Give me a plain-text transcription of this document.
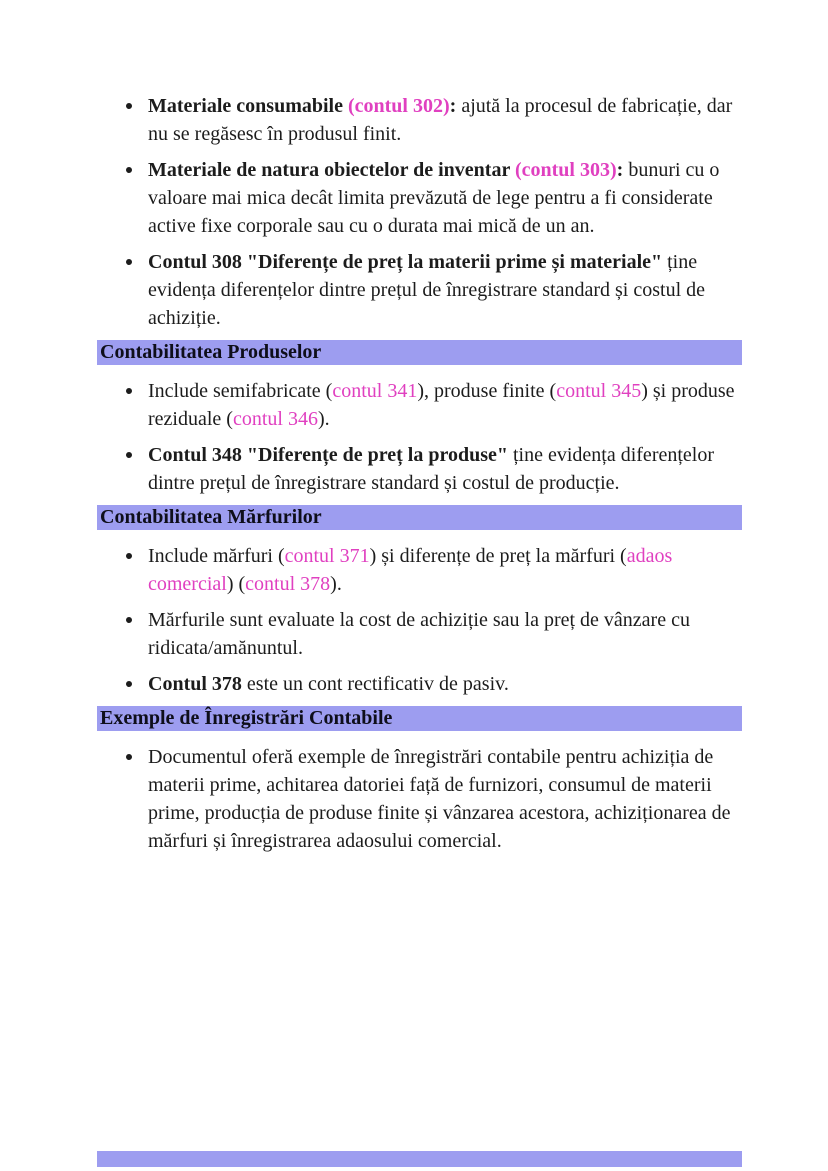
Materiale consumabile (contul 302): ajută la procesul de fabricație, dar nu se regăsesc în produsul finit.
Materiale de natura obiectelor de inventar (contul 303): bunuri cu o valoare mai mica decât limita prevăzută de lege pentru a fi considerate active fixe corporale sau cu o durata mai mică de un an.
Contul 308 "Diferențe de preț la materii prime și materiale" ține evidența diferențelor dintre prețul de înregistrare standard și costul de achiziție.
Contabilitatea Produselor
Include semifabricate (contul 341), produse finite (contul 345) și produse reziduale (contul 346).
Contul 348 "Diferențe de preț la produse" ține evidența diferențelor dintre prețul de înregistrare standard și costul de producție.
Contabilitatea Mărfurilor
Include mărfuri (contul 371) și diferențe de preț la mărfuri (adaos comercial) (contul 378).
Mărfurile sunt evaluate la cost de achiziție sau la preț de vânzare cu ridicata/amănuntul.
Contul 378 este un cont rectificativ de pasiv.
Exemple de Înregistrări Contabile
Documentul oferă exemple de înregistrări contabile pentru achiziția de materii prime, achitarea datoriei față de furnizori, consumul de materii prime, producția de produse finite și vânzarea acestora, achiziționarea de mărfuri și înregistrarea adaosului comercial.
